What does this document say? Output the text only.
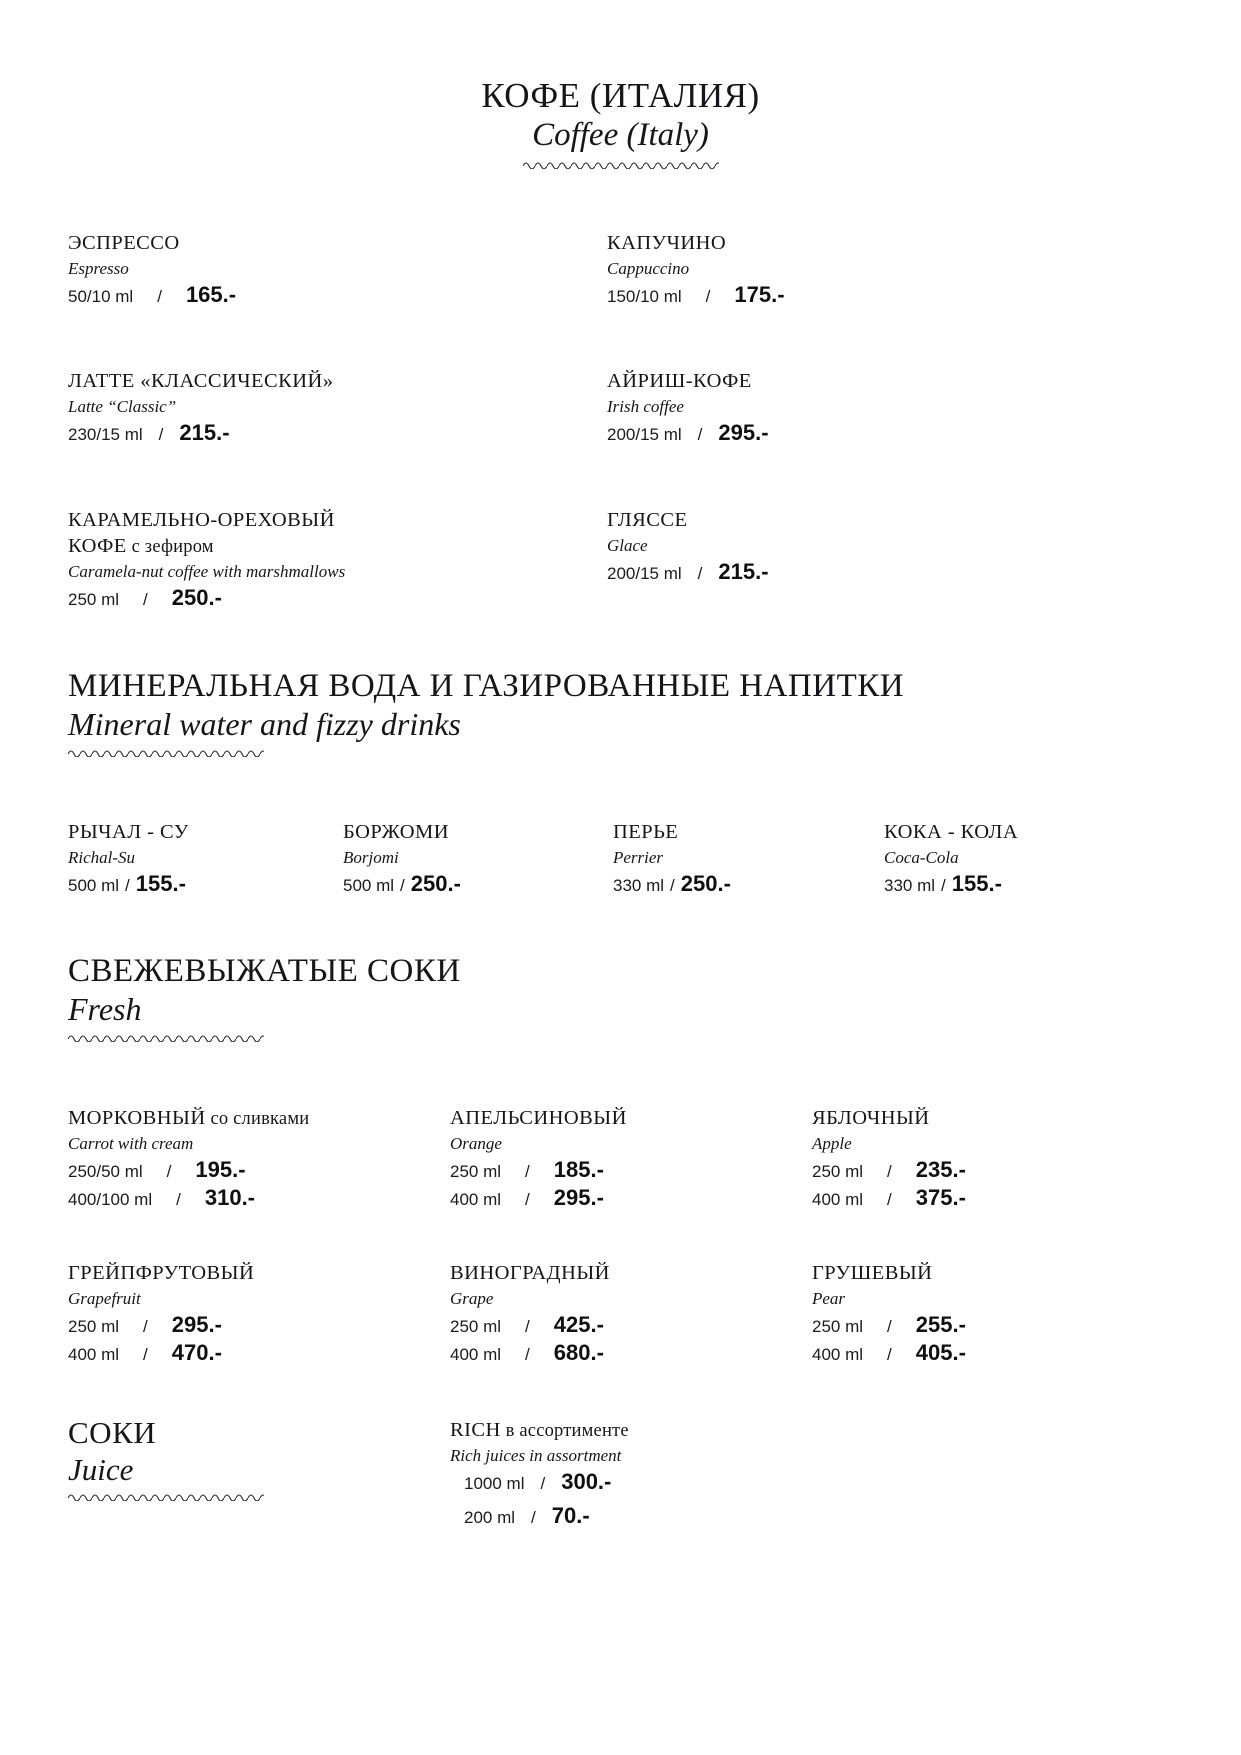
КОФЕ (ИТАЛИЯ)
Coffee (Italy)
ЭСПРЕССО
Espresso
50/10 ml / 165.-
КАПУЧИНО
Cappuccino
150/10 ml / 175.-
ЛАТТЕ «КЛАССИЧЕСКИЙ»
Latte “Classic”
230/15 ml / 215.-
АЙРИШ-КОФЕ
Irish coffee
200/15 ml / 295.-
КАРАМЕЛЬНО-ОРЕХОВЫЙ
КОФЕ с зефиром
Caramela-nut coffee with marshmallows
250 ml / 250.-
ГЛЯССЕ
Glace
200/15 ml / 215.-
МИНЕРАЛЬНАЯ ВОДА И ГАЗИРОВАННЫЕ НАПИТКИ
Mineral water and fizzy drinks
РЫЧАЛ - СУ
Richal-Su
500 ml / 155.-
БОРЖОМИ
Borjomi
500 ml / 250.-
ПЕРЬЕ
Perrier
330 ml / 250.-
КОКА - КОЛА
Coca-Cola
330 ml / 155.-
СВЕЖЕВЫЖАТЫЕ СОКИ
Fresh
МОРКОВНЫЙ со сливками
Carrot with cream
250/50 ml / 195.-
400/100 ml / 310.-
АПЕЛЬСИНОВЫЙ
Orange
250 ml / 185.-
400 ml / 295.-
ЯБЛОЧНЫЙ
Apple
250 ml / 235.-
400 ml / 375.-
ГРЕЙПФРУТОВЫЙ
Grapefruit
250 ml / 295.-
400 ml / 470.-
ВИНОГРАДНЫЙ
Grape
250 ml / 425.-
400 ml / 680.-
ГРУШЕВЫЙ
Pear
250 ml / 255.-
400 ml / 405.-
СОКИ
Juice
RICH в ассортименте
Rich juices in assortment
1000 ml / 300.-
200 ml / 70.-
